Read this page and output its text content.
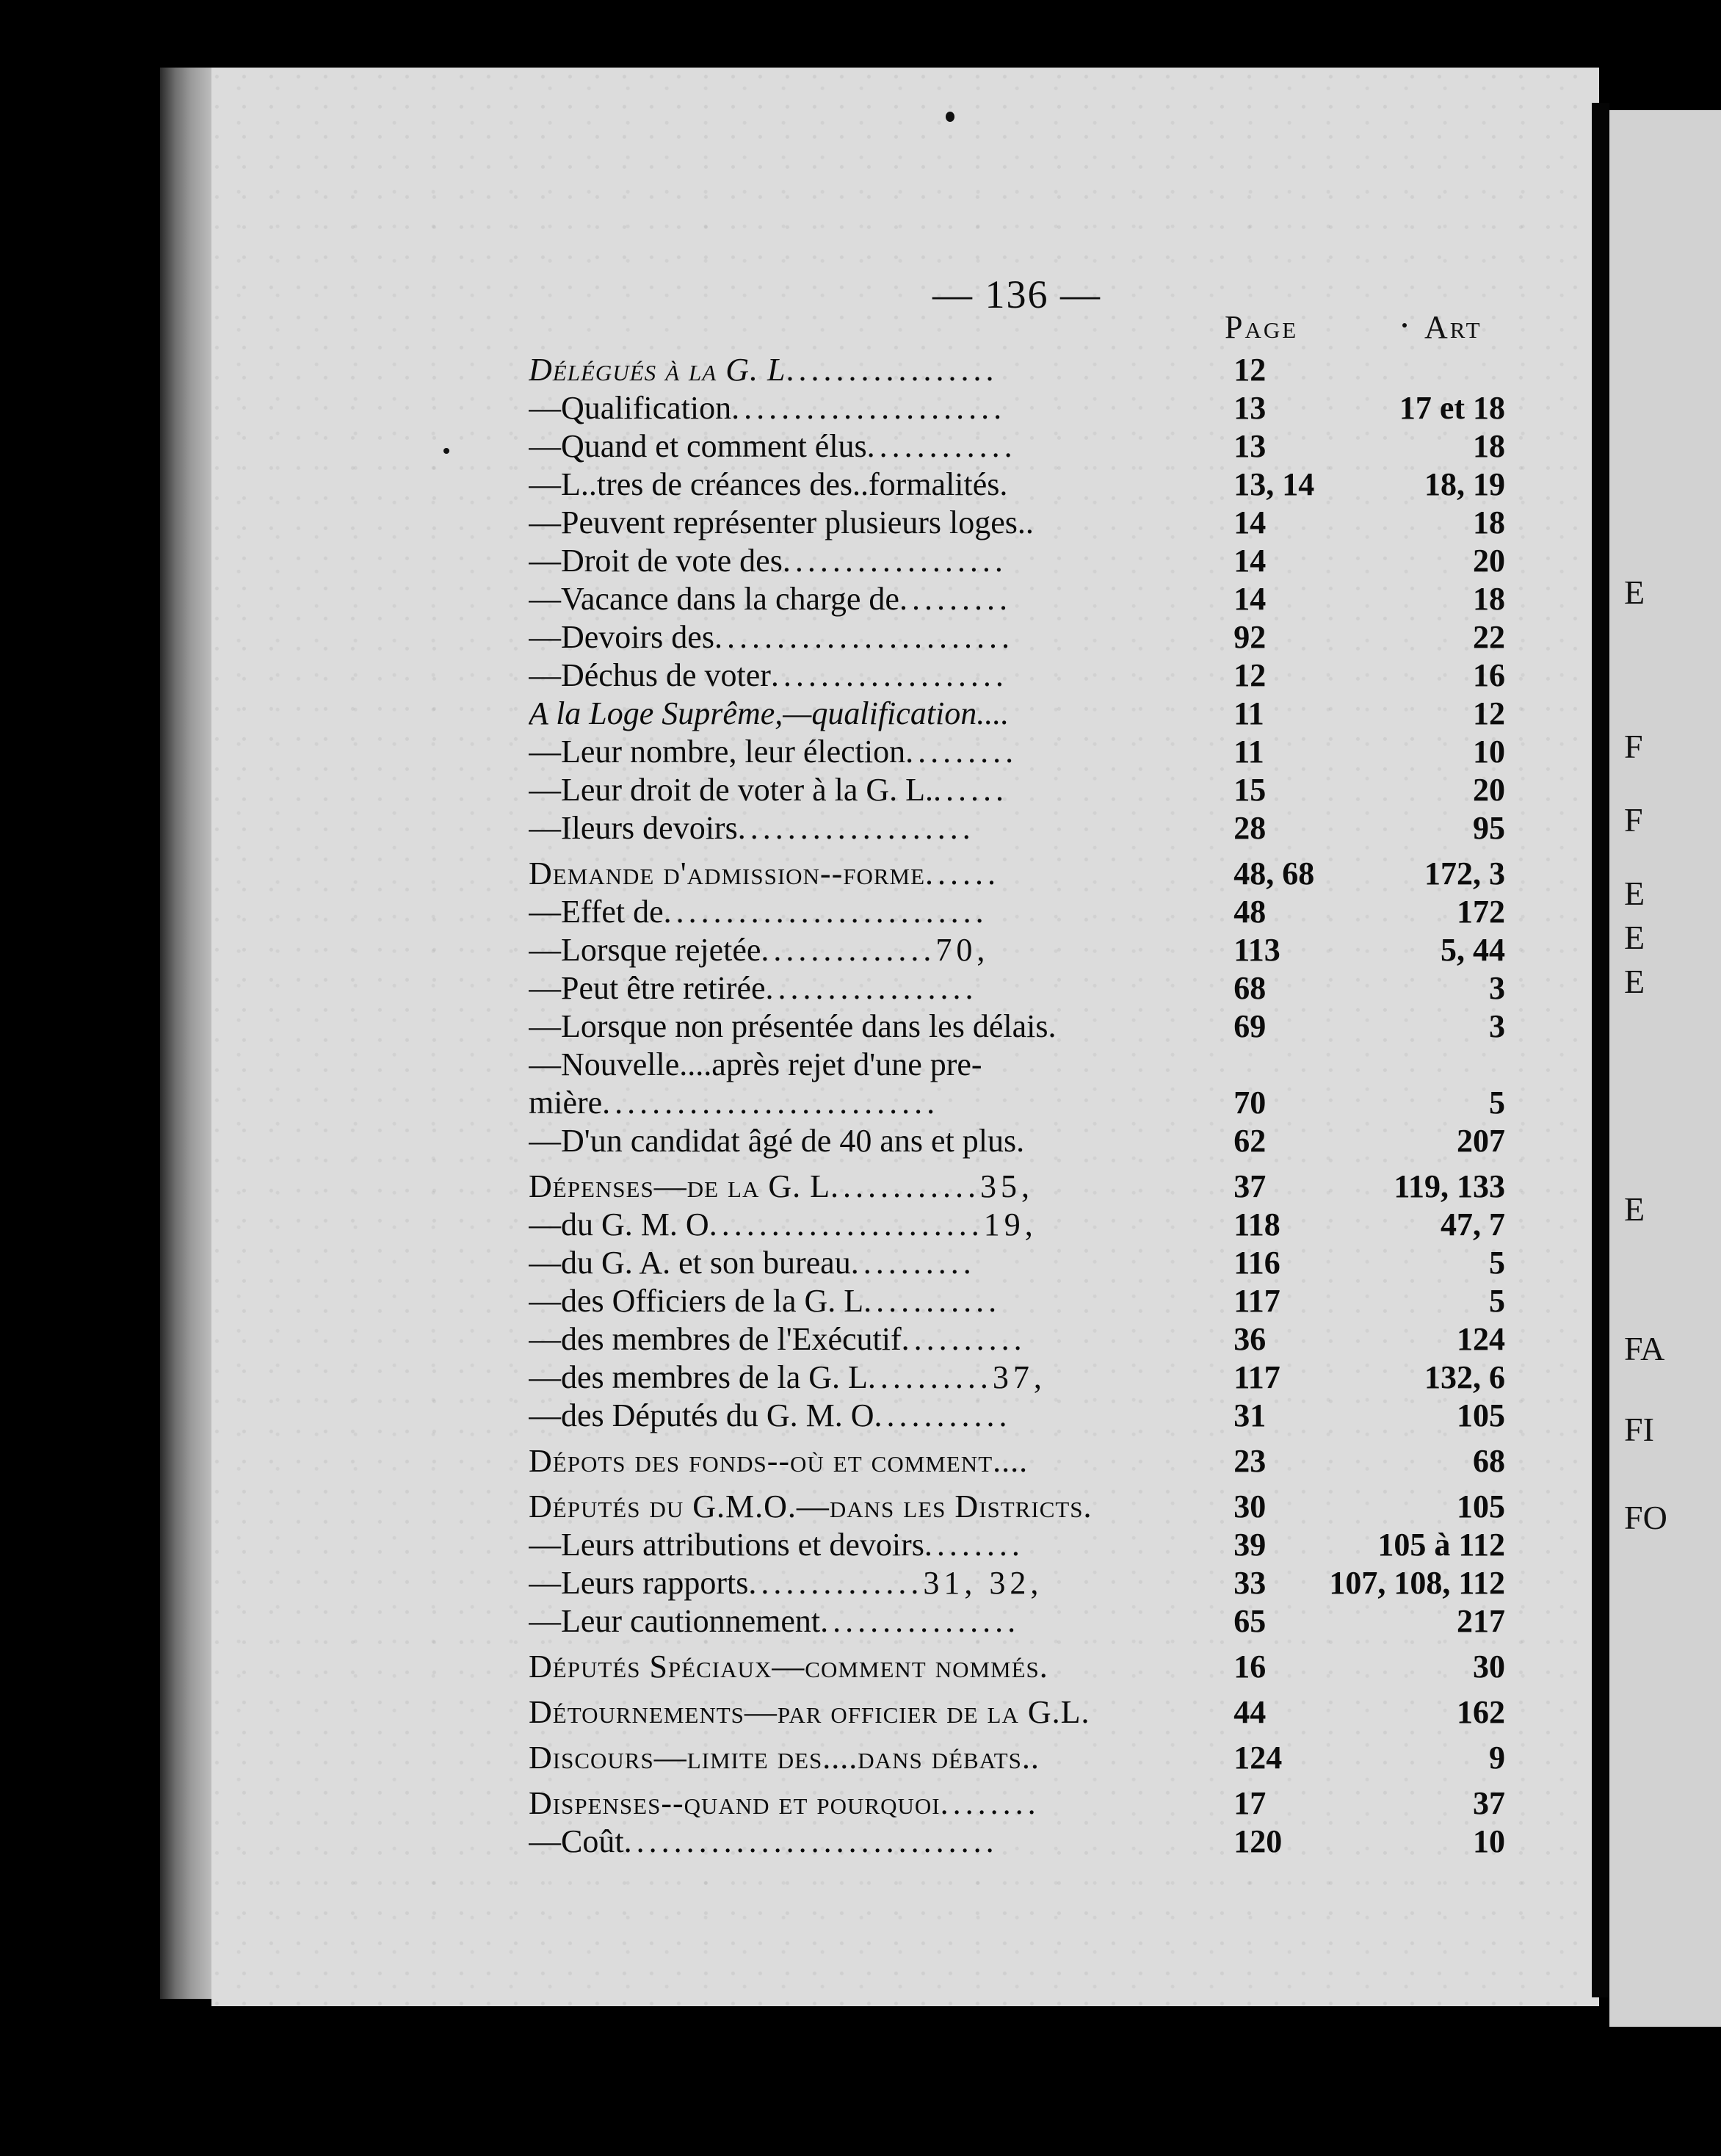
E
F
F
E
E
E
E
FA
FI
FO
— 136 —
Page	Art
Délégués à la G. L.................	12	
—Qualification......................	13	17 et 18
—Quand et comment élus............	13	18
—L..tres de créances des..formalités.	13, 14	18, 19
—Peuvent représenter plusieurs loges..	14	18
—Droit de vote des..................	14	20
—Vacance dans la charge de.........	14	18
—Devoirs des........................	92	22
—Déchus de voter...................	12	16
A la Loge Suprême,—qualification....	11	12
—Leur nombre, leur élection.........	11	10
—Leur droit de voter à la G. L.......	15	20
—Ileurs devoirs...................	28	95
Demande d'admission--forme......	48, 68	172, 3
—Effet de..........................	48	172
—Lorsque rejetée..............70,	113	5, 44
—Peut être retirée.................	68	3
—Lorsque non présentée dans les délais.	69	3
—Nouvelle....après rejet d'une pre-		
mière...........................	70	5
—D'un candidat âgé de 40 ans et plus.	62	207
Dépenses—de la G. L............35,	37	119, 133
—du G. M. O......................19,	118	47, 7
—du G. A. et son bureau..........	116	5
—des Officiers de la G. L...........	117	5
—des membres de l'Exécutif..........	36	124
—des membres de la G. L..........37,	117	132, 6
—des Députés du G. M. O...........	31	105
Dépots des fonds--où et comment....	23	68
Députés du G.M.O.—dans les Districts.	30	105
—Leurs attributions et devoirs........	39	105 à 112
—Leurs rapports..............31, 32,	33	107, 108, 112
—Leur cautionnement................	65	217
Députés Spéciaux—comment nommés.	16	30
Détournements—par officier de la G.L.	44	162
Discours—limite des....dans débats..	124	9
Dispenses--quand et pourquoi........	17	37
—Coût..............................	120	10
